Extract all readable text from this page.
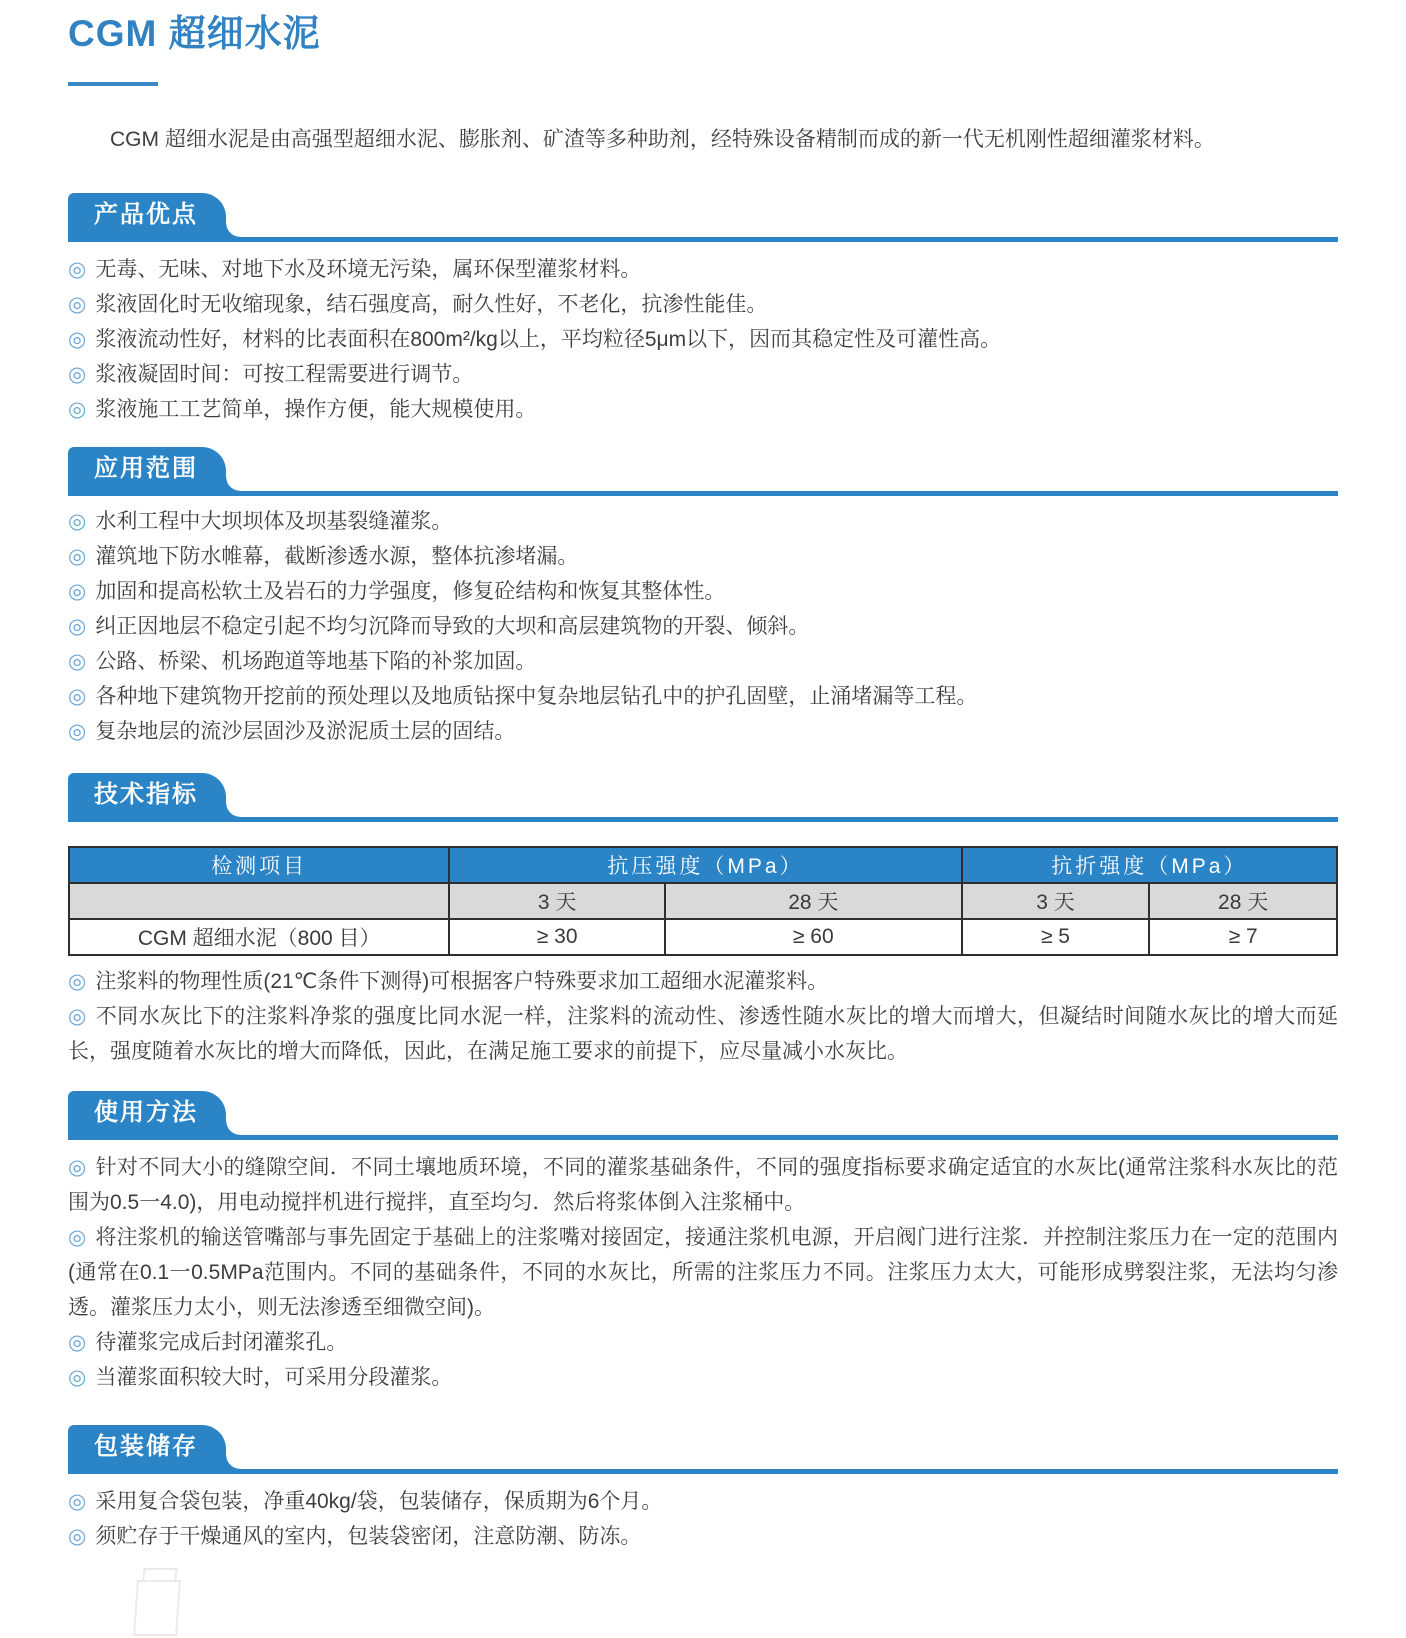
CGM 超细水泥

CGM 超细水泥是由高强型超细水泥、膨胀剂、矿渣等多种助剂，经特殊设备精制而成的新一代无机刚性超细灌浆材料。

产品优点
◎ 无毒、无味、对地下水及环境无污染，属环保型灌浆材料。
◎ 浆液固化时无收缩现象，结石强度高，耐久性好，不老化，抗渗性能佳。
◎ 浆液流动性好，材料的比表面积在800m²/kg以上，平均粒径5μm以下，因而其稳定性及可灌性高。
◎ 浆液凝固时间：可按工程需要进行调节。
◎ 浆液施工工艺简单，操作方便，能大规模使用。
应用范围
◎ 水利工程中大坝坝体及坝基裂缝灌浆。
◎ 灌筑地下防水帷幕，截断渗透水源，整体抗渗堵漏。
◎ 加固和提高松软土及岩石的力学强度，修复砼结构和恢复其整体性。
◎ 纠正因地层不稳定引起不均匀沉降而导致的大坝和高层建筑物的开裂、倾斜。
◎ 公路、桥梁、机场跑道等地基下陷的补浆加固。
◎ 各种地下建筑物开挖前的预处理以及地质钻探中复杂地层钻孔中的护孔固壁，止涌堵漏等工程。
◎ 复杂地层的流沙层固沙及淤泥质土层的固结。
技术指标
检测项目	抗压强度（MPa）		抗折强度（MPa）	
	3 天	28 天	3 天	28 天
CGM 超细水泥（800 目）	≥ 30	≥ 60	≥ 5	≥ 7
◎ 注浆料的物理性质(21℃条件下测得)可根据客户特殊要求加工超细水泥灌浆料。
◎ 不同水灰比下的注浆料净浆的强度比同水泥一样，注浆料的流动性、渗透性随水灰比的增大而增大，但凝结时间随水灰比的增大而延长，强度随着水灰比的增大而降低，因此，在满足施工要求的前提下，应尽量减小水灰比。
使用方法
◎ 针对不同大小的缝隙空间．不同土壤地质环境，不同的灌浆基础条件，不同的强度指标要求确定适宜的水灰比(通常注浆科水灰比的范围为0.5一4.0)，用电动搅拌机进行搅拌，直至均匀．然后将浆体倒入注浆桶中。
◎ 将注浆机的输送管嘴部与事先固定于基础上的注浆嘴对接固定，接通注浆机电源，开启阀门进行注浆．并控制注浆压力在一定的范围内(通常在0.1一0.5MPa范围内。不同的基础条件，不同的水灰比，所需的注浆压力不同。注浆压力太大，可能形成劈裂注浆，无法均匀渗透。灌浆压力太小，则无法渗透至细微空间)。
◎ 待灌浆完成后封闭灌浆孔。
◎ 当灌浆面积较大时，可采用分段灌浆。
包装储存
◎ 采用复合袋包装，净重40kg/袋，包装储存，保质期为6个月。
◎ 须贮存于干燥通风的室内，包装袋密闭，注意防潮、防冻。
